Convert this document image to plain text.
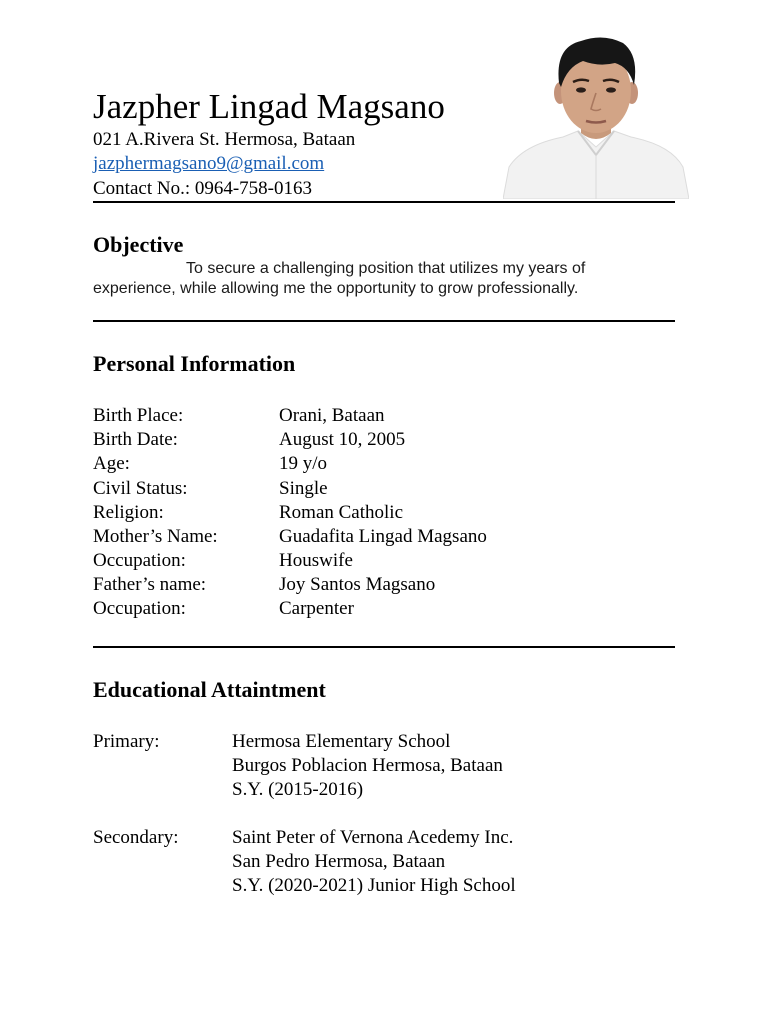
Jazpher Lingad Magsano
021 A.Rivera St. Hermosa, Bataan
jazphermagsano9@gmail.com
Contact No.: 0964-758-0163
Objective
To secure a challenging position that utilizes my years of experience, while allowing me the opportunity to grow professionally.
Personal Information
Birth Place:	Orani, Bataan
Birth Date:	August 10, 2005
Age:	19 y/o
Civil Status:	Single
Religion:	Roman Catholic
Mother’s Name:	Guadafita Lingad Magsano
Occupation:	Houswife
Father’s name:	Joy Santos Magsano
Occupation:	Carpenter
Educational Attaintment
Primary:	Hermosa Elementary School
Burgos Poblacion Hermosa, Bataan
S.Y. (2015-2016)
Secondary:	Saint Peter of Vernona Acedemy Inc.
San Pedro Hermosa, Bataan
S.Y. (2020-2021) Junior High School
